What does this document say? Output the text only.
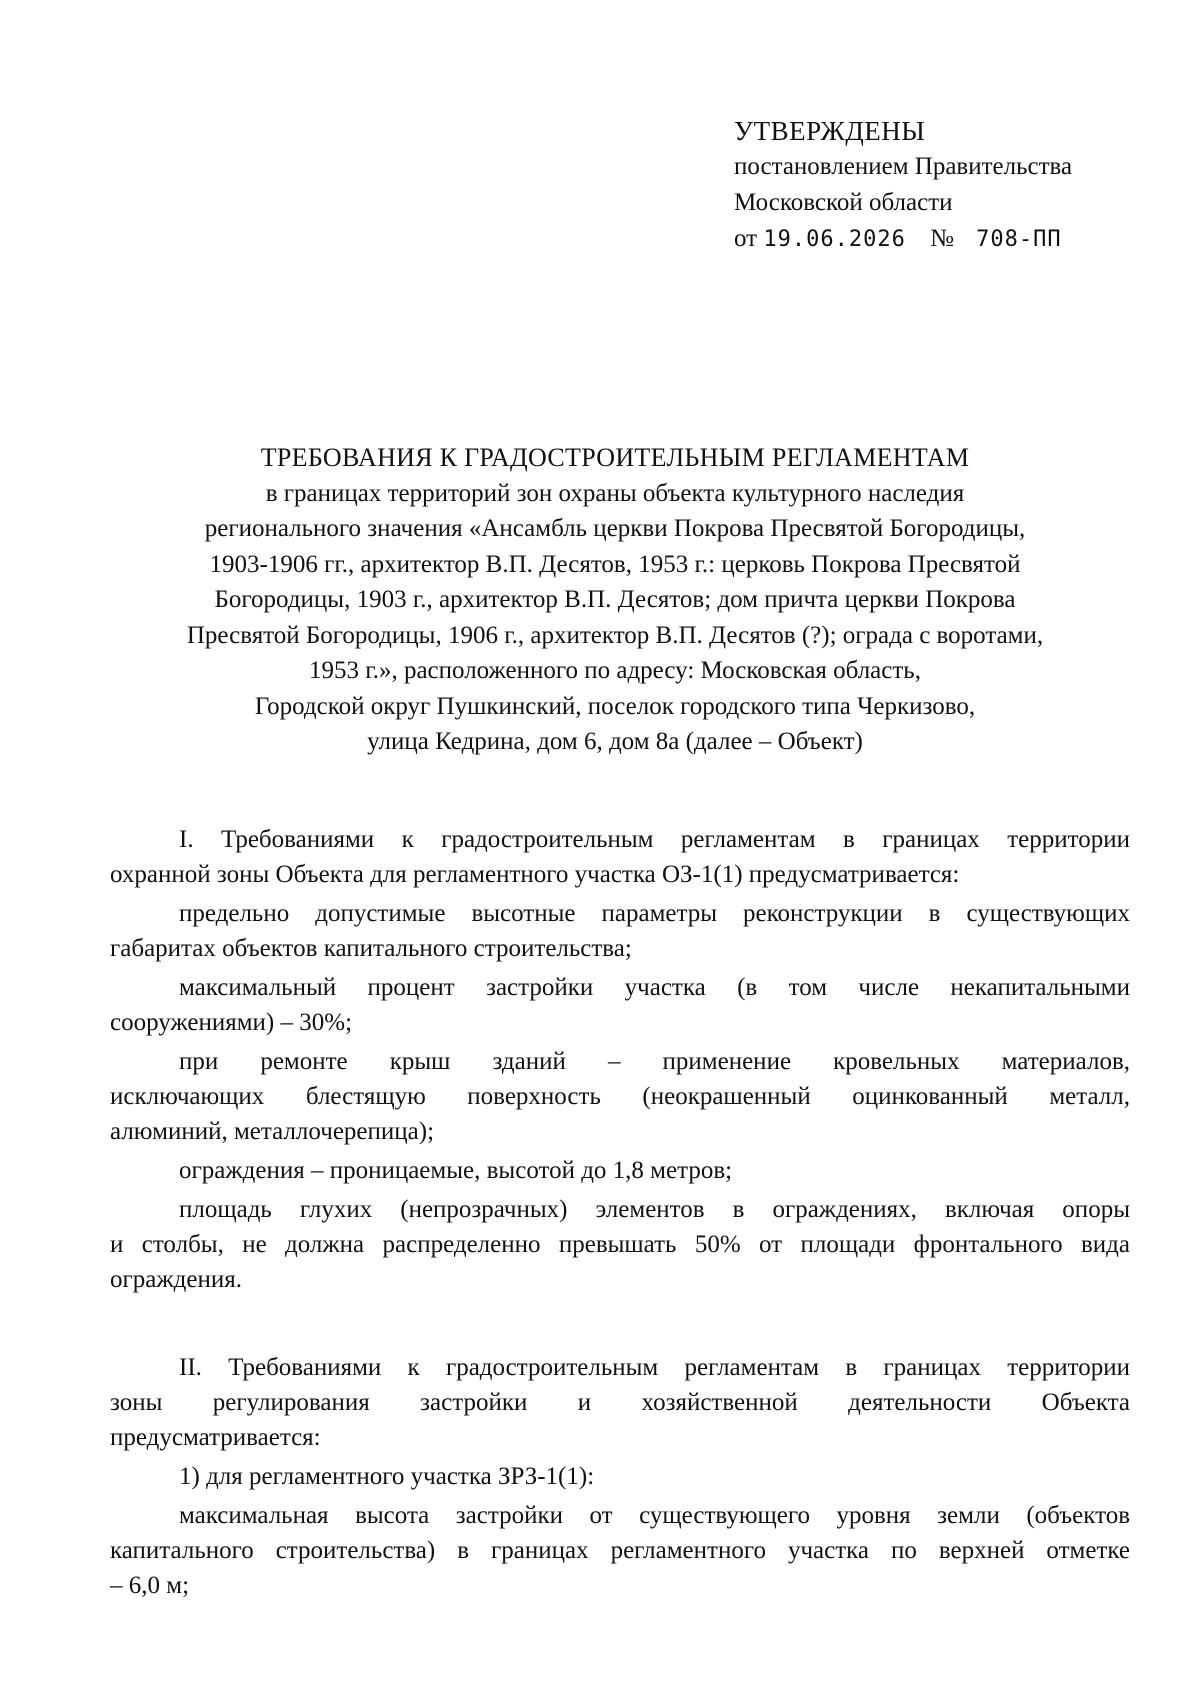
УТВЕРЖДЕНЫ
постановлением Правительства
Московской области
от 19.06.2026 № 708-ПП
ТРЕБОВАНИЯ К ГРАДОСТРОИТЕЛЬНЫМ РЕГЛАМЕНТАМ
в границах территорий зон охраны объекта культурного наследия
регионального значения «Ансамбль церкви Покрова Пресвятой Богородицы,
1903-1906 гг., архитектор В.П. Десятов, 1953 г.: церковь Покрова Пресвятой
Богородицы, 1903 г., архитектор В.П. Десятов; дом причта церкви Покрова
Пресвятой Богородицы, 1906 г., архитектор В.П. Десятов (?); ограда с воротами,
1953 г.», расположенного по адресу: Московская область,
Городской округ Пушкинский, поселок городского типа Черкизово,
улица Кедрина, дом 6, дом 8а (далее – Объект)
I. Требованиями к градостроительным регламентам в границах территории
охранной зоны Объекта для регламентного участка ОЗ-1(1) предусматривается:
предельно допустимые высотные параметры реконструкции в существующих
габаритах объектов капитального строительства;
максимальный процент застройки участка (в том числе некапитальными
сооружениями) – 30%;
при ремонте крыш зданий – применение кровельных материалов,
исключающих блестящую поверхность (неокрашенный оцинкованный металл,
алюминий, металлочерепица);
ограждения – проницаемые, высотой до 1,8 метров;
площадь глухих (непрозрачных) элементов в ограждениях, включая опоры
и столбы, не должна распределенно превышать 50% от площади фронтального вида
ограждения.
II. Требованиями к градостроительным регламентам в границах территории
зоны регулирования застройки и хозяйственной деятельности Объекта
предусматривается:
1) для регламентного участка ЗРЗ-1(1):
максимальная высота застройки от существующего уровня земли (объектов
капитального строительства) в границах регламентного участка по верхней отметке
– 6,0 м;
